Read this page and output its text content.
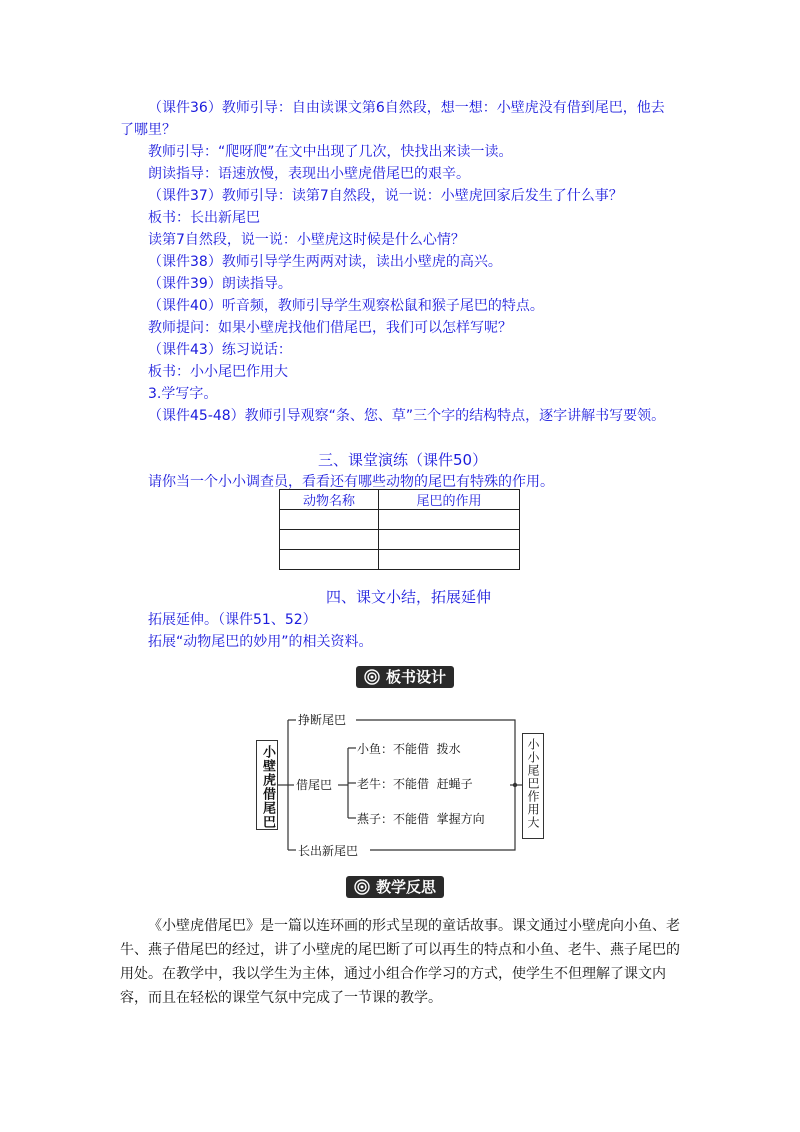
（课件36）教师引导：自由读课文第6自然段，想一想：小壁虎没有借到尾巴，他去
了哪里？
教师引导：“爬呀爬”在文中出现了几次，快找出来读一读。
朗读指导：语速放慢，表现出小壁虎借尾巴的艰辛。
（课件37）教师引导：读第7自然段，说一说：小壁虎回家后发生了什么事？
板书：长出新尾巴
读第7自然段，说一说：小壁虎这时候是什么心情？
（课件38）教师引导学生两两对读，读出小壁虎的高兴。
（课件39）朗读指导。
（课件40）听音频，教师引导学生观察松鼠和猴子尾巴的特点。
教师提问：如果小壁虎找他们借尾巴，我们可以怎样写呢？
（课件43）练习说话：
板书：小小尾巴作用大
3.学写字。
（课件45-48）教师引导观察“条、您、草”三个字的结构特点，逐字讲解书写要领。
三、课堂演练（课件50）
请你当一个小小调查员，看看还有哪些动物的尾巴有特殊的作用。
动物名称	尾巴的作用

四、课文小结，拓展延伸
拓展延伸。（课件51、52）
拓展“动物尾巴的妙用”的相关资料。
板书设计
小壁虎借尾巴
挣断尾巴
借尾巴
长出新尾巴
小鱼：不能借  拨水
老牛：不能借  赶蝇子
燕子：不能借  掌握方向	小小尾巴作用大
教学反思
《小壁虎借尾巴》是一篇以连环画的形式呈现的童话故事。课文通过小壁虎向小鱼、老牛、燕子借尾巴的经过，讲了小壁虎的尾巴断了可以再生的特点和小鱼、老牛、燕子尾巴的用处。在教学中，我以学生为主体，通过小组合作学习的方式，使学生不但理解了课文内容，而且在轻松的课堂气氛中完成了一节课的教学。
